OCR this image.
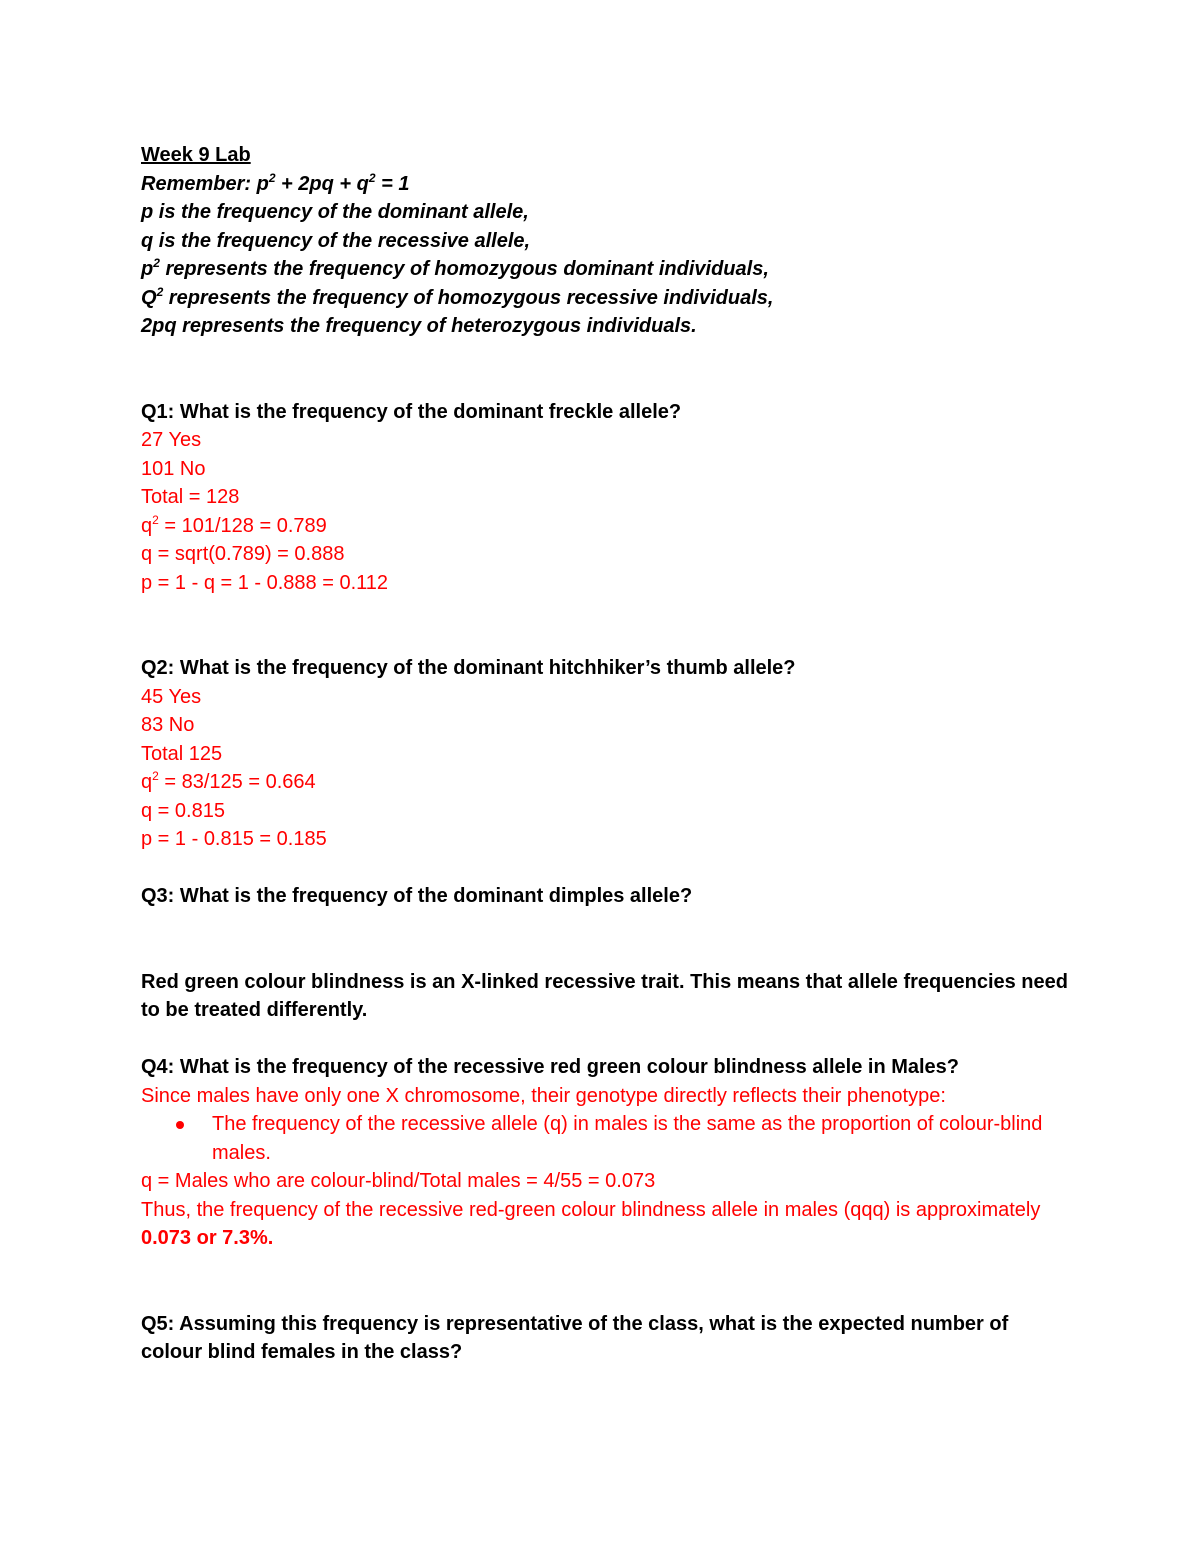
Week 9 Lab

Remember: $p^2 + 2pq + q^2 = 1$

p is the frequency of the dominant allele,

q is the frequency of the recessive allele,

$p^2$ represents the frequency of homozygous dominant individuals,

$Q^2$ represents the frequency of homozygous recessive individuals,

2pq represents the frequency of heterozygous individuals.

Q1: What is the frequency of the dominant freckle allele?

27 Yes

101 No

Total = 128

$q^2 = 101/128 = 0.789$

q = sqrt(0.789) = 0.888

p = 1 - q = 1 - 0.888 = 0.112

Q2: What is the frequency of the dominant hitchhiker’s thumb allele?

45 Yes

83 No

Total 125

$q^2 = 83/125 = 0.664$

q = 0.815

p = 1 - 0.815 = 0.185

Q3: What is the frequency of the dominant dimples allele?

Red green colour blindness is an X-linked recessive trait. This means that allele frequencies need to be treated differently.

Q4: What is the frequency of the recessive red green colour blindness allele in Males?

Since males have only one X chromosome, their genotype directly reflects their phenotype:

The frequency of the recessive allele (q) in males is the same as the proportion of colour-blind males.

q = Males who are colour-blind/Total males = 4/55 = 0.073

Thus, the frequency of the recessive red-green colour blindness allele in males (qqq) is approximately 0.073 or 7.3%.

Q5: Assuming this frequency is representative of the class, what is the expected number of colour blind females in the class?
